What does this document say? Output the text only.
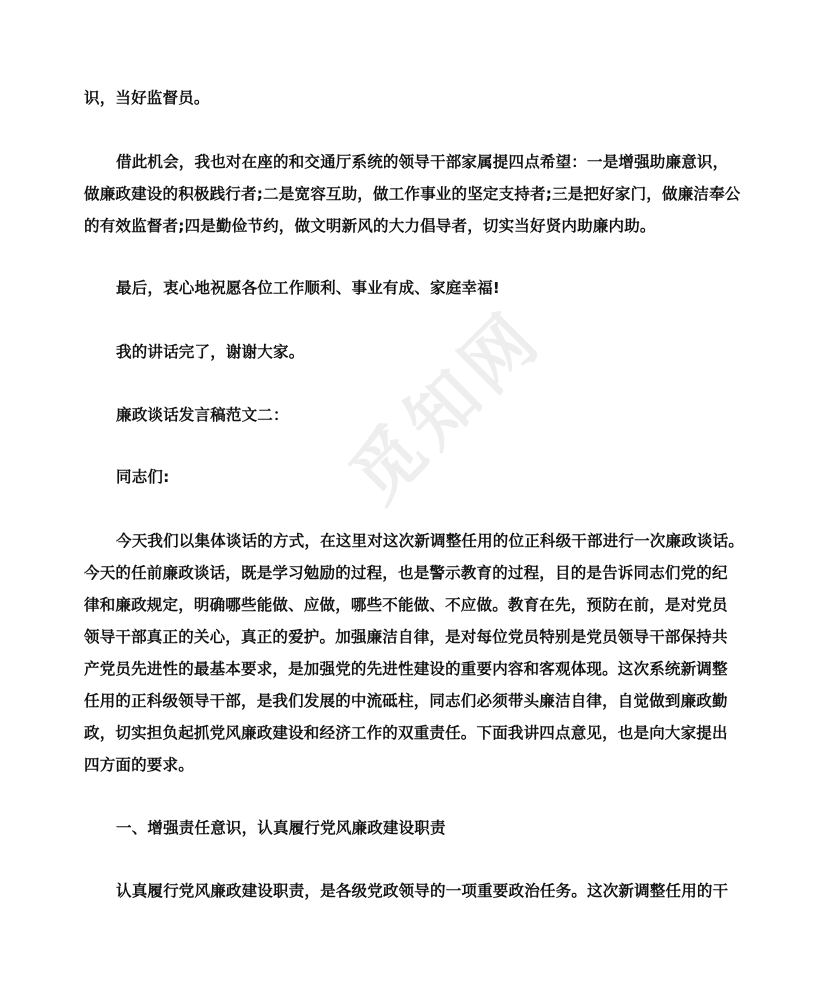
觅知网

识，当好监督员。

借此机会，我也对在座的和交通厅系统的领导干部家属提四点希望：一是增强助廉意识，

做廉政建设的积极践行者;二是宽容互助，做工作事业的坚定支持者;三是把好家门，做廉洁奉公

的有效监督者;四是勤俭节约，做文明新风的大力倡导者，切实当好贤内助廉内助。

最后，衷心地祝愿各位工作顺利、事业有成、家庭幸福!

我的讲话完了，谢谢大家。

廉政谈话发言稿范文二：

同志们:

今天我们以集体谈话的方式，在这里对这次新调整任用的位正科级干部进行一次廉政谈话。

今天的任前廉政谈话，既是学习勉励的过程，也是警示教育的过程，目的是告诉同志们党的纪

律和廉政规定，明确哪些能做、应做，哪些不能做、不应做。教育在先，预防在前，是对党员

领导干部真正的关心，真正的爱护。加强廉洁自律，是对每位党员特别是党员领导干部保持共

产党员先进性的最基本要求，是加强党的先进性建设的重要内容和客观体现。这次系统新调整

任用的正科级领导干部，是我们发展的中流砥柱，同志们必须带头廉洁自律，自觉做到廉政勤

政，切实担负起抓党风廉政建设和经济工作的双重责任。下面我讲四点意见，也是向大家提出

四方面的要求。

一、增强责任意识，认真履行党风廉政建设职责

认真履行党风廉政建设职责，是各级党政领导的一项重要政治任务。这次新调整任用的干
